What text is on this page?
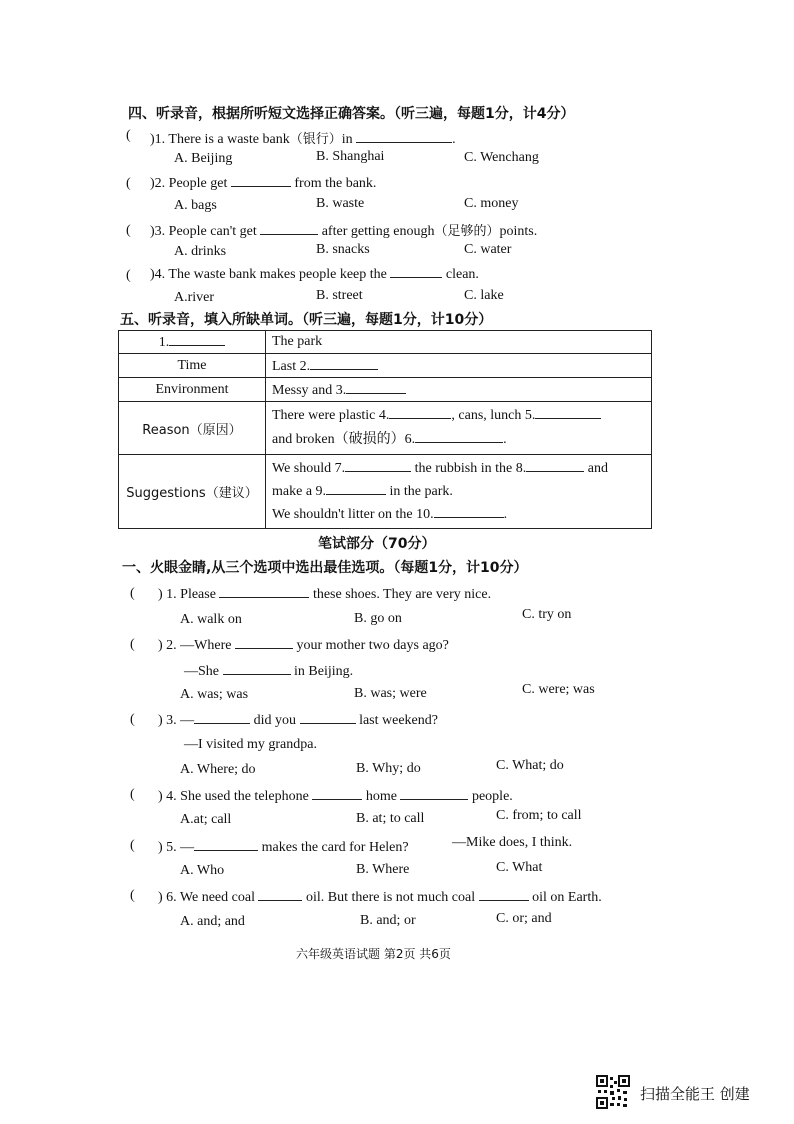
四、听录音，根据所听短文选择正确答案。（听三遍，每题1分，计4分）
( )1. There is a waste bank（银行）in	.
A. Beijing	B. Shanghai	C. Wenchang
( )2. People get	from the bank.
A. bags	B. waste	C. money
( )3. People can't get	after getting enough（足够的）points.
A. drinks	B. snacks	C. water
( )4. The waste bank makes people keep the	clean.
A.river	B. street	C. lake
五、听录音，填入所缺单词。（听三遍，每题1分，计10分）
1.	The park
Time	Last 2.
Environment	Messy and 3.
Reason（原因）	There were plastic 4. , cans, lunch 5.
and broken（破损的）6. .
Suggestions（建议）	We should 7. the rubbish in the 8. and
make a 9. in the park.
We shouldn't litter on the 10. .
笔试部分（70分）
一、火眼金睛,从三个选项中选出最佳选项。（每题1分，计10分）
( ) 1. Please	these shoes. They are very nice.
A. walk on	B. go on	C. try on
( ) 2. —Where	your mother two days ago?
—She	in Beijing.
A. was; was	B. was; were	C. were; was
( ) 3. —	did you	last weekend?
—I visited my grandpa.
A. Where; do	B. Why; do	C. What; do
( ) 4. She used the telephone	home	people.
A.at; call	B. at; to call	C. from; to call
( ) 5. —	makes the card for Helen?	—Mike does, I think.
A. Who	B. Where	C. What
( ) 6. We need coal	oil. But there is not much coal	oil on Earth.
A. and; and	B. and; or	C. or; and
六年级英语试题 第2页 共6页
扫描全能王 创建
